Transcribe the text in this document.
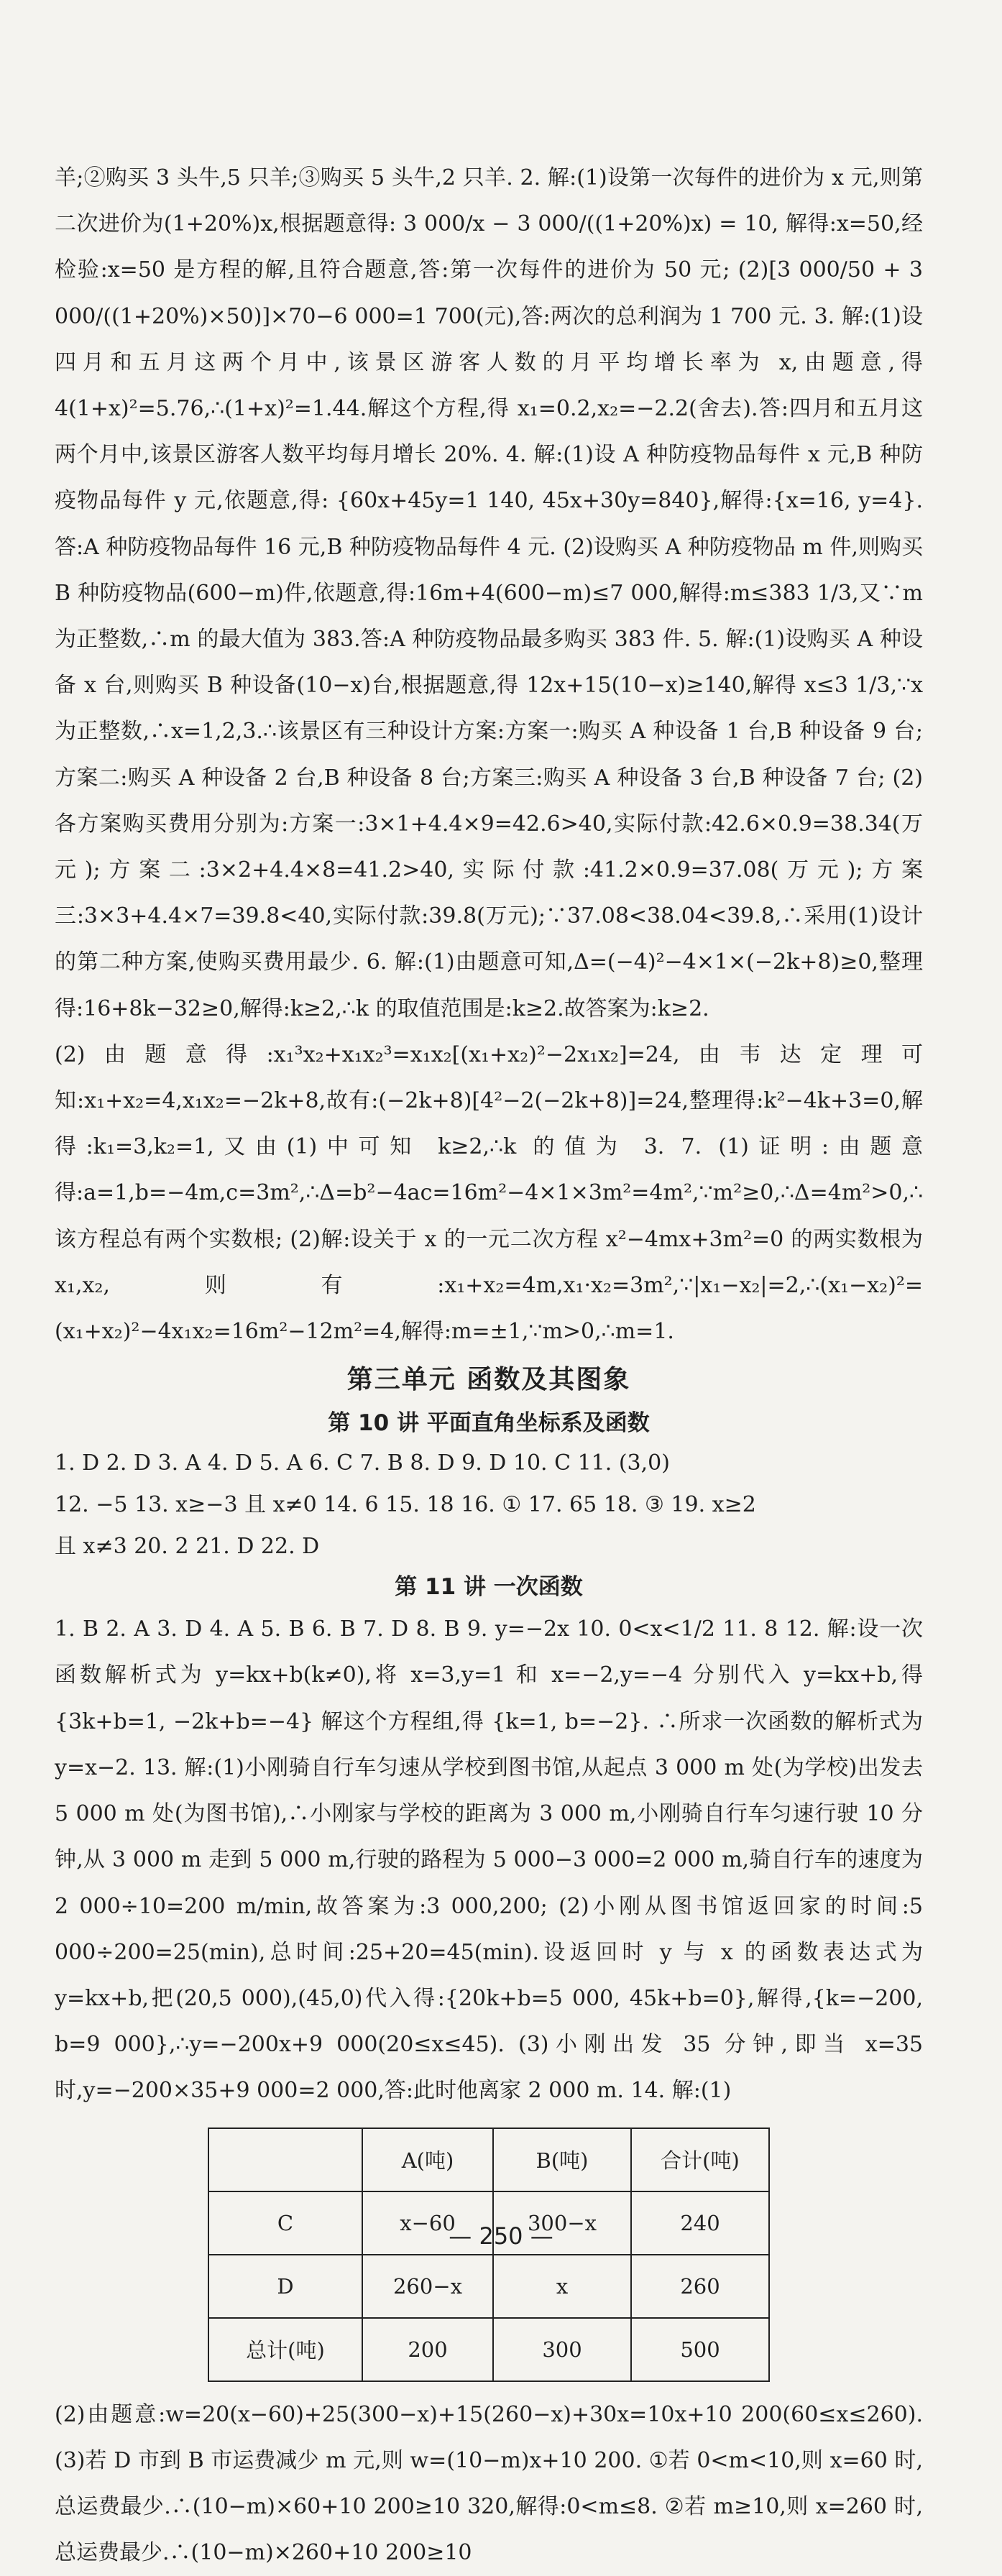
羊;②购买 3 头牛,5 只羊;③购买 5 头牛,2 只羊. 2. 解:(1)设第一次每件的进价为 x 元,则第二次进价为(1+20%)x,根据题意得: 3 000/x − 3 000/((1+20%)x) = 10, 解得:x=50,经检验:x=50 是方程的解,且符合题意,答:第一次每件的进价为 50 元; (2)[3 000/50 + 3 000/((1+20%)×50)]×70−6 000=1 700(元),答:两次的总利润为 1 700 元. 3. 解:(1)设四月和五月这两个月中,该景区游客人数的月平均增长率为 x,由题意,得 4(1+x)²=5.76,∴(1+x)²=1.44.解这个方程,得 x₁=0.2,x₂=−2.2(舍去).答:四月和五月这两个月中,该景区游客人数平均每月增长 20%. 4. 解:(1)设 A 种防疫物品每件 x 元,B 种防疫物品每件 y 元,依题意,得: {60x+45y=1 140, 45x+30y=840},解得:{x=16, y=4}.答:A 种防疫物品每件 16 元,B 种防疫物品每件 4 元. (2)设购买 A 种防疫物品 m 件,则购买 B 种防疫物品(600−m)件,依题意,得:16m+4(600−m)≤7 000,解得:m≤383 1/3,又∵m 为正整数,∴m 的最大值为 383.答:A 种防疫物品最多购买 383 件. 5. 解:(1)设购买 A 种设备 x 台,则购买 B 种设备(10−x)台,根据题意,得 12x+15(10−x)≥140,解得 x≤3 1/3,∵x 为正整数,∴x=1,2,3.∴该景区有三种设计方案:方案一:购买 A 种设备 1 台,B 种设备 9 台;方案二:购买 A 种设备 2 台,B 种设备 8 台;方案三:购买 A 种设备 3 台,B 种设备 7 台; (2)各方案购买费用分别为:方案一:3×1+4.4×9=42.6>40,实际付款:42.6×0.9=38.34(万元);方案二:3×2+4.4×8=41.2>40,实际付款:41.2×0.9=37.08(万元);方案三:3×3+4.4×7=39.8<40,实际付款:39.8(万元);∵37.08<38.04<39.8,∴采用(1)设计的第二种方案,使购买费用最少. 6. 解:(1)由题意可知,Δ=(−4)²−4×1×(−2k+8)≥0,整理得:16+8k−32≥0,解得:k≥2,∴k 的取值范围是:k≥2.故答案为:k≥2.

(2)由题意得:x₁³x₂+x₁x₂³=x₁x₂[(x₁+x₂)²−2x₁x₂]=24,由韦达定理可知:x₁+x₂=4,x₁x₂=−2k+8,故有:(−2k+8)[4²−2(−2k+8)]=24,整理得:k²−4k+3=0,解得:k₁=3,k₂=1,又由(1)中可知 k≥2,∴k 的值为 3. 7. (1)证明:由题意得:a=1,b=−4m,c=3m²,∴Δ=b²−4ac=16m²−4×1×3m²=4m²,∵m²≥0,∴Δ=4m²>0,∴该方程总有两个实数根; (2)解:设关于 x 的一元二次方程 x²−4mx+3m²=0 的两实数根为 x₁,x₂,则有:x₁+x₂=4m,x₁·x₂=3m²,∵|x₁−x₂|=2,∴(x₁−x₂)²=(x₁+x₂)²−4x₁x₂=16m²−12m²=4,解得:m=±1,∵m>0,∴m=1.

第三单元 函数及其图象
第 10 讲 平面直角坐标系及函数

1. D 2. D 3. A 4. D 5. A 6. C 7. B 8. D 9. D 10. C 11. (3,0)

12. −5 13. x≥−3 且 x≠0 14. 6 15. 18 16. ① 17. 65 18. ③ 19. x≥2

且 x≠3 20. 2 21. D 22. D

第 11 讲 一次函数

1. B 2. A 3. D 4. A 5. B 6. B 7. D 8. B 9. y=−2x 10. 0<x<1/2 11. 8 12. 解:设一次函数解析式为 y=kx+b(k≠0),将 x=3,y=1 和 x=−2,y=−4 分别代入 y=kx+b,得 {3k+b=1, −2k+b=−4} 解这个方程组,得 {k=1, b=−2}. ∴所求一次函数的解析式为 y=x−2. 13. 解:(1)小刚骑自行车匀速从学校到图书馆,从起点 3 000 m 处(为学校)出发去 5 000 m 处(为图书馆),∴小刚家与学校的距离为 3 000 m,小刚骑自行车匀速行驶 10 分钟,从 3 000 m 走到 5 000 m,行驶的路程为 5 000−3 000=2 000 m,骑自行车的速度为 2 000÷10=200 m/min,故答案为:3 000,200; (2)小刚从图书馆返回家的时间:5 000÷200=25(min),总时间:25+20=45(min).设返回时 y 与 x 的函数表达式为 y=kx+b,把(20,5 000),(45,0)代入得:{20k+b=5 000, 45k+b=0},解得,{k=−200, b=9 000},∴y=−200x+9 000(20≤x≤45). (3)小刚出发 35 分钟,即当 x=35 时,y=−200×35+9 000=2 000,答:此时他离家 2 000 m. 14. 解:(1)

	A(吨)	B(吨)	合计(吨)
C	x−60	300−x	240
D	260−x	x	260
总计(吨)	200	300	500

(2)由题意:w=20(x−60)+25(300−x)+15(260−x)+30x=10x+10 200(60≤x≤260). (3)若 D 市到 B 市运费减少 m 元,则 w=(10−m)x+10 200. ①若 0<m<10,则 x=60 时,总运费最少.∴(10−m)×60+10 200≥10 320,解得:0<m≤8. ②若 m≥10,则 x=260 时,总运费最少.∴(10−m)×260+10 200≥10

— 250 —
